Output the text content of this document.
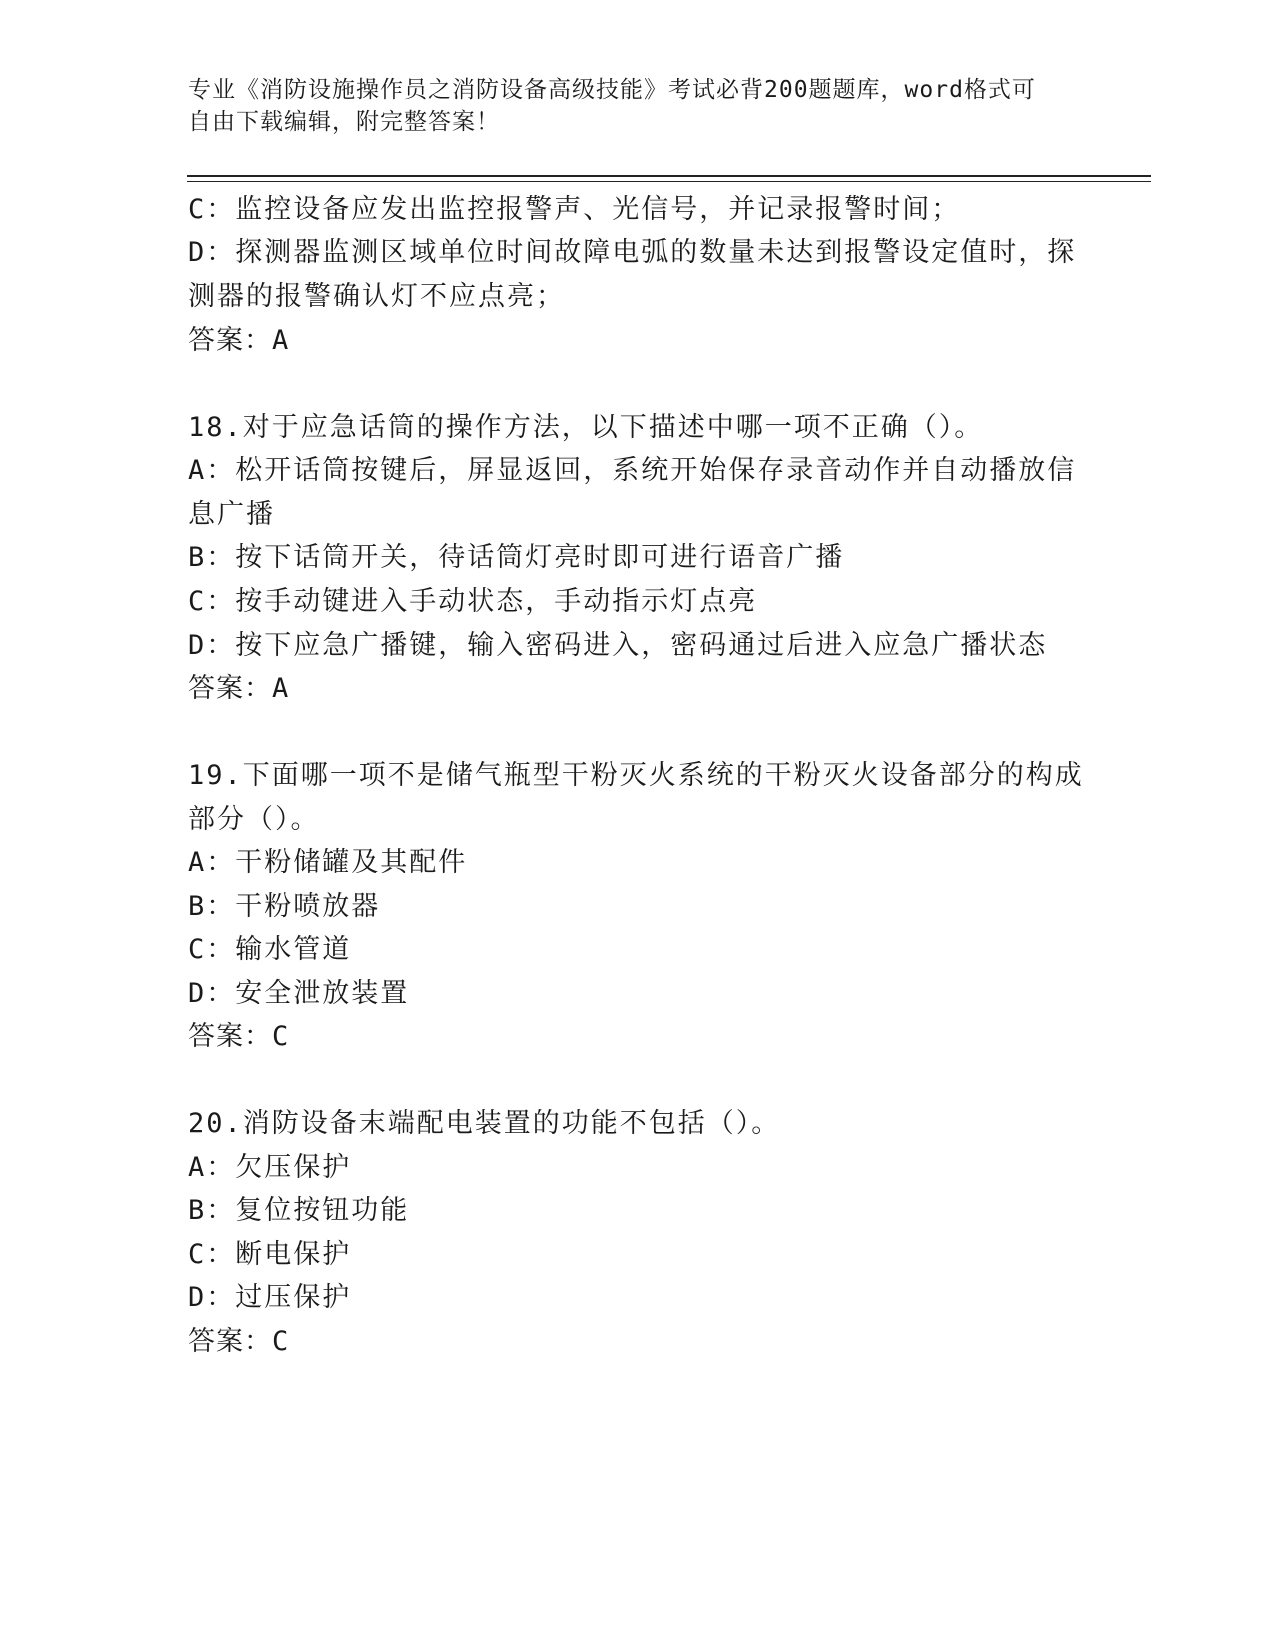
专业《消防设施操作员之消防设备高级技能》考试必背200题题库，word格式可
自由下载编辑，附完整答案！
C：监控设备应发出监控报警声、光信号，并记录报警时间；
D：探测器监测区域单位时间故障电弧的数量未达到报警设定值时，探
测器的报警确认灯不应点亮；
答案：A
18.对于应急话筒的操作方法，以下描述中哪一项不正确（）。
A：松开话筒按键后，屏显返回，系统开始保存录音动作并自动播放信
息广播
B：按下话筒开关，待话筒灯亮时即可进行语音广播
C：按手动键进入手动状态，手动指示灯点亮
D：按下应急广播键，输入密码进入，密码通过后进入应急广播状态
答案：A
19.下面哪一项不是储气瓶型干粉灭火系统的干粉灭火设备部分的构成
部分（）。
A：干粉储罐及其配件
B：干粉喷放器
C：输水管道
D：安全泄放装置
答案：C
20.消防设备末端配电装置的功能不包括（）。
A：欠压保护
B：复位按钮功能
C：断电保护
D：过压保护
答案：C
